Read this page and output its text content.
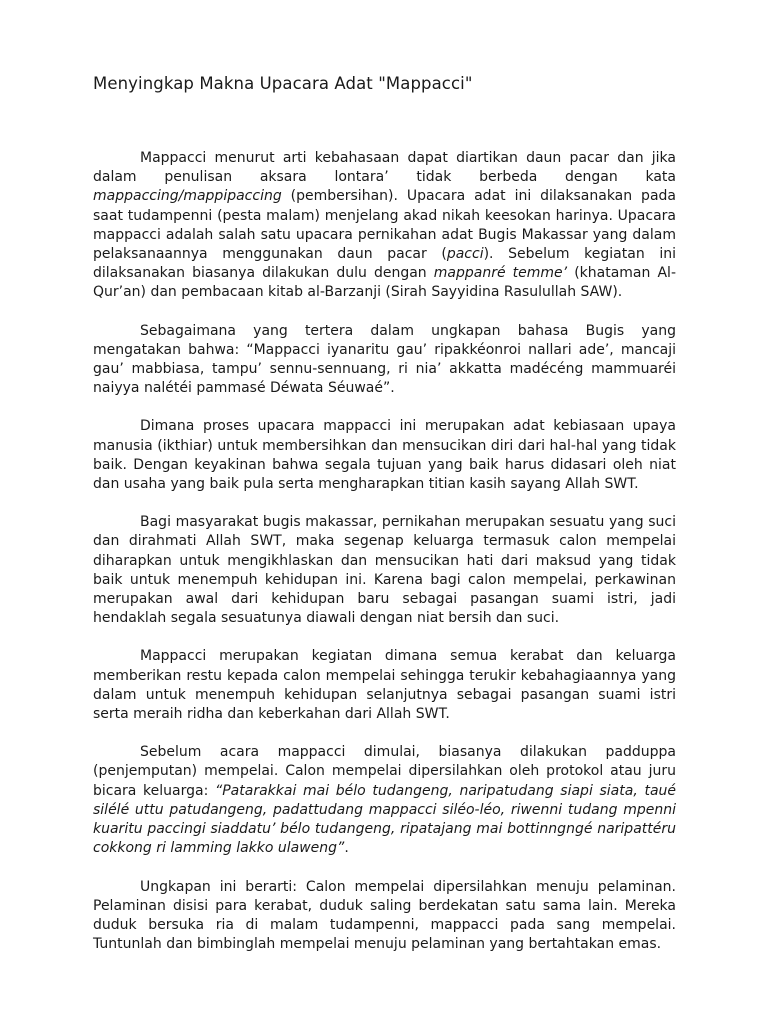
Menyingkap Makna Upacara Adat "Mappacci"

Mappacci menurut arti kebahasaan dapat diartikan daun pacar dan jika dalam penulisan aksara lontara’ tidak berbeda dengan kata mappaccing/mappipaccing (pembersihan). Upacara adat ini dilaksanakan pada saat tudampenni (pesta malam) menjelang akad nikah keesokan harinya. Upacara mappacci adalah salah satu upacara pernikahan adat Bugis Makassar yang dalam pelaksanaannya menggunakan daun pacar (pacci). Sebelum kegiatan ini dilaksanakan biasanya dilakukan dulu dengan mappanré temme’ (khataman Al-Qur’an) dan pembacaan kitab al-Barzanji (Sirah Sayyidina Rasulullah SAW).

Sebagaimana yang tertera dalam ungkapan bahasa Bugis yang mengatakan bahwa: “Mappacci iyanaritu gau’ ripakkéonroi nallari ade’, mancaji gau’ mabbiasa, tampu’ sennu-sennuang, ri nia’ akkatta madécéng mammuaréi naiyya nalétéi pammasé Déwata Séuwaé”.

Dimana proses upacara mappacci ini merupakan adat kebiasaan upaya manusia (ikthiar) untuk membersihkan dan mensucikan diri dari hal-hal yang tidak baik. Dengan keyakinan bahwa segala tujuan yang baik harus didasari oleh niat dan usaha yang baik pula serta mengharapkan titian kasih sayang Allah SWT.

Bagi masyarakat bugis makassar, pernikahan merupakan sesuatu yang suci dan dirahmati Allah SWT, maka segenap keluarga termasuk calon mempelai diharapkan untuk mengikhlaskan dan mensucikan hati dari maksud yang tidak baik untuk menempuh kehidupan ini. Karena bagi calon mempelai, perkawinan merupakan awal dari kehidupan baru sebagai pasangan suami istri, jadi hendaklah segala sesuatunya diawali dengan niat bersih dan suci.

Mappacci merupakan kegiatan dimana semua kerabat dan keluarga memberikan restu kepada calon mempelai sehingga terukir kebahagiaannya yang dalam untuk menempuh kehidupan selanjutnya sebagai pasangan suami istri serta meraih ridha dan keberkahan dari Allah SWT.

Sebelum acara mappacci dimulai, biasanya dilakukan padduppa (penjemputan) mempelai. Calon mempelai dipersilahkan oleh protokol atau juru bicara keluarga: “Patarakkai mai bélo tudangeng, naripatudang siapi siata, taué silélé uttu patudangeng, padattudang mappacci siléo-léo, riwenni tudang mpenni kuaritu paccingi siaddatu’ bélo tudangeng, ripatajang mai bottinngngé naripattéru cokkong ri lamming lakko ulaweng”.

Ungkapan ini berarti: Calon mempelai dipersilahkan menuju pelaminan. Pelaminan disisi para kerabat, duduk saling berdekatan satu sama lain. Mereka duduk bersuka ria di malam tudampenni, mappacci pada sang mempelai. Tuntunlah dan bimbinglah mempelai menuju pelaminan yang bertahtakan emas.
